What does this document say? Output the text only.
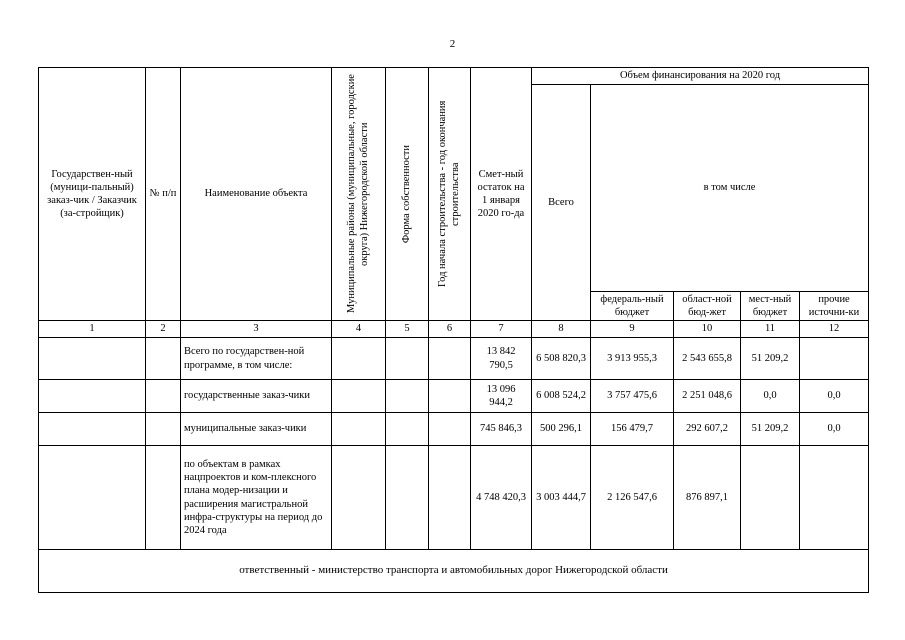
2
Государствен-ный (муници-пальный) заказ-чик / Заказчик (за-стройщик)	№ п/п	Наименование объекта	Муниципальные районы (муниципальные, городские округа) Нижегородской области	Форма собственности	Год начала строительства - год окончания строительства	Смет-ный остаток на 1 января 2020 го-да	Объем финансирования на 2020 год				
							Всего	в том числе			
								федераль-ный бюджет	област-ной бюд-жет	мест-ный бюджет	прочие источни-ки
1	2	3	4	5	6	7	8	9	10	11	12
		Всего по государствен-ной программе, в том числе:				13 842 790,5	6 508 820,3	3 913 955,3	2 543 655,8	51 209,2	
		государственные заказ-чики				13 096 944,2	6 008 524,2	3 757 475,6	2 251 048,6	0,0	0,0
		муниципальные заказ-чики				745 846,3	500 296,1	156 479,7	292 607,2	51 209,2	0,0
		по объектам в рамках нацпроектов и ком-плексного плана модер-низации и расширения магистральной инфра-структуры на период до 2024 года				4 748 420,3	3 003 444,7	2 126 547,6	876 897,1		
ответственный - министерство транспорта и автомобильных дорог Нижегородской области											
